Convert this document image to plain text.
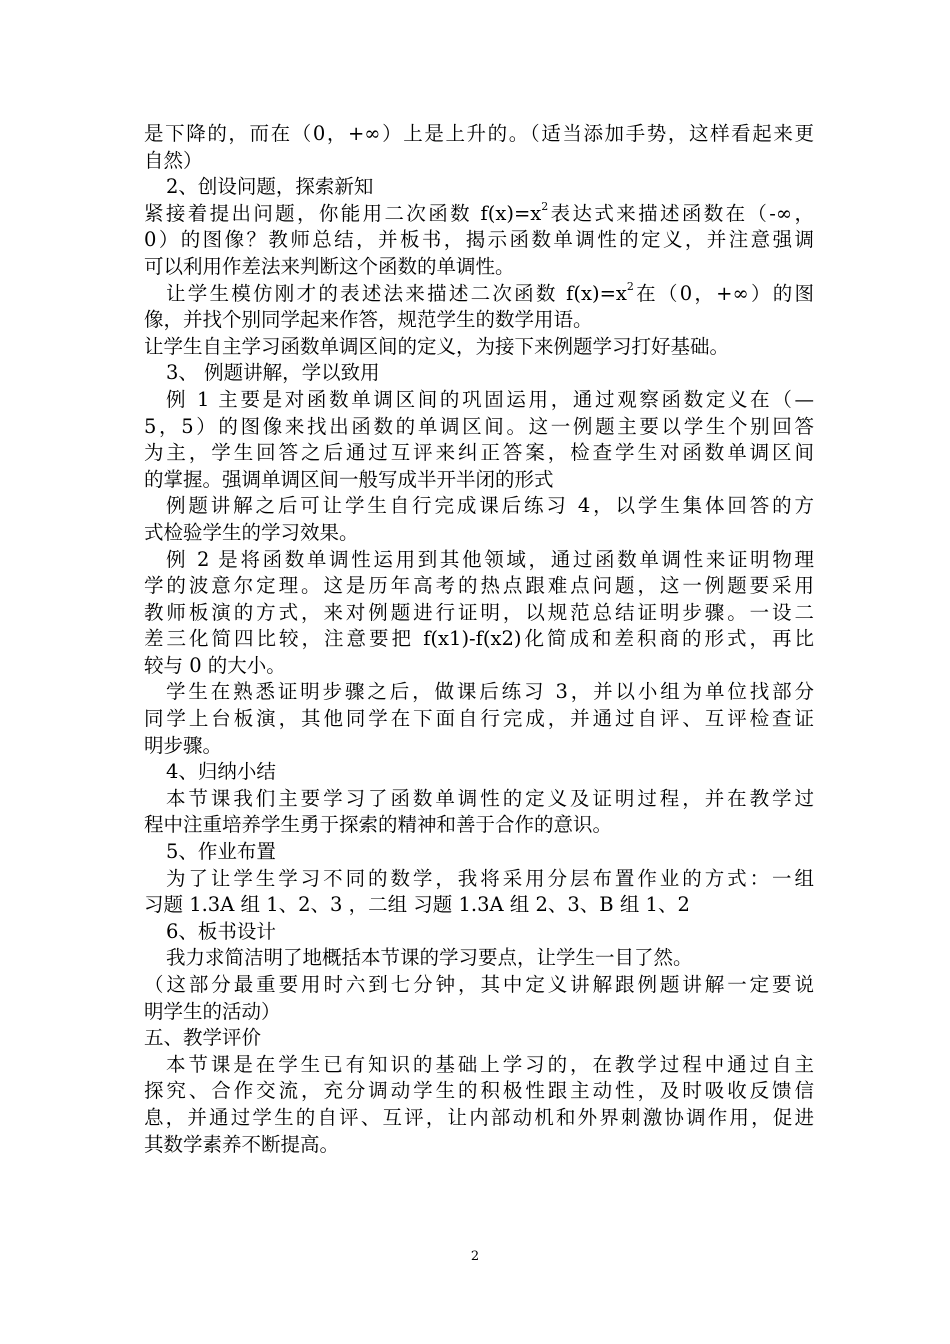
是下降的，而在（0，+∞）上是上升的。（适当添加手势，这样看起来更
自然）
2、创设问题，探索新知
紧接着提出问题，你能用二次函数 $f(x)=x^2$表达式来描述函数在（-∞，
0）的图像？教师总结，并板书，揭示函数单调性的定义，并注意强调
可以利用作差法来判断这个函数的单调性。
让学生模仿刚才的表述法来描述二次函数 $f(x)=x^2$在（0，+∞）的图
像，并找个别同学起来作答，规范学生的数学用语。
让学生自主学习函数单调区间的定义，为接下来例题学习打好基础。
3、 例题讲解，学以致用
例 1 主要是对函数单调区间的巩固运用，通过观察函数定义在（—
5，5）的图像来找出函数的单调区间。这一例题主要以学生个别回答
为主，学生回答之后通过互评来纠正答案，检查学生对函数单调区间
的掌握。强调单调区间一般写成半开半闭的形式
例题讲解之后可让学生自行完成课后练习 4，以学生集体回答的方
式检验学生的学习效果。
例 2 是将函数单调性运用到其他领域，通过函数单调性来证明物理
学的波意尔定理。这是历年高考的热点跟难点问题，这一例题要采用
教师板演的方式，来对例题进行证明，以规范总结证明步骤。一设二
差三化简四比较，注意要把 f(x1)-f(x2)化简成和差积商的形式，再比
较与 0 的大小。
学生在熟悉证明步骤之后，做课后练习 3，并以小组为单位找部分
同学上台板演，其他同学在下面自行完成，并通过自评、互评检查证
明步骤。
4、归纳小结
本节课我们主要学习了函数单调性的定义及证明过程，并在教学过
程中注重培养学生勇于探索的精神和善于合作的意识。
5、作业布置
为了让学生学习不同的数学，我将采用分层布置作业的方式：一组
习题 1.3A 组 1、2、3 ，二组 习题 1.3A 组 2、3、B 组 1、2
6、板书设计
我力求简洁明了地概括本节课的学习要点，让学生一目了然。
（这部分最重要用时六到七分钟，其中定义讲解跟例题讲解一定要说
明学生的活动）
五、教学评价
本节课是在学生已有知识的基础上学习的，在教学过程中通过自主
探究、合作交流，充分调动学生的积极性跟主动性，及时吸收反馈信
息，并通过学生的自评、互评，让内部动机和外界刺激协调作用，促进
其数学素养不断提高。
2
